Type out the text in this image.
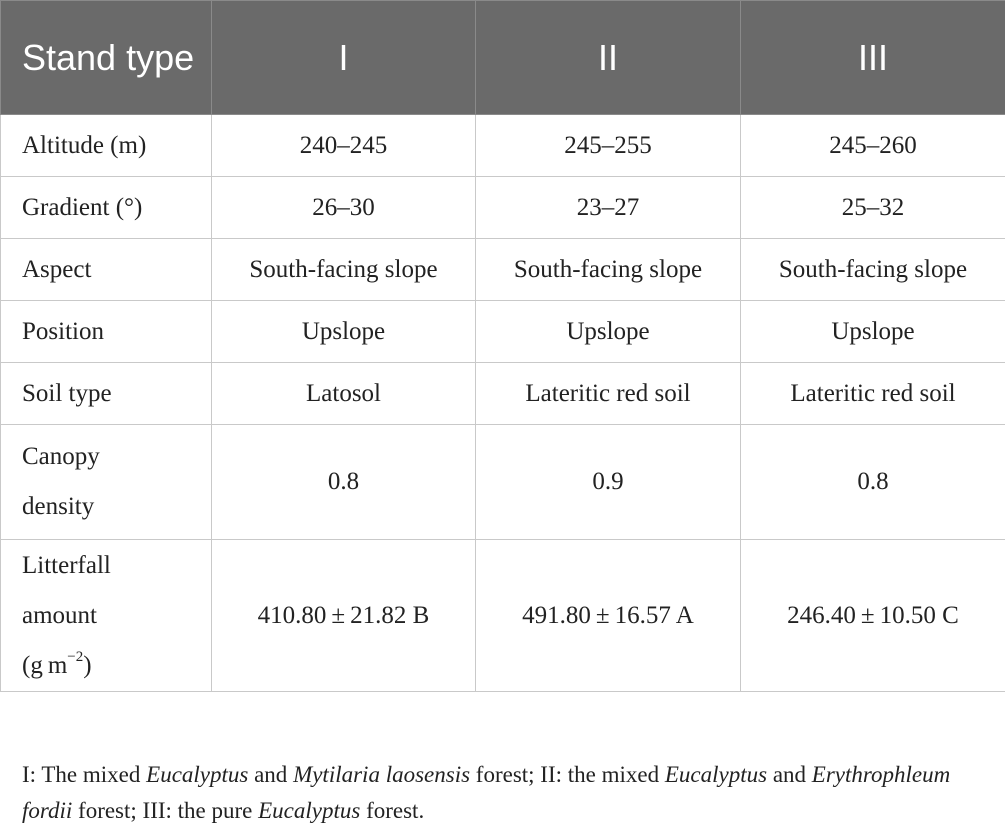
Stand type	I	II	III
Altitude (m)	240–245	245–255	245–260
Gradient (°)	26–30	23–27	25–32
Aspect	South-facing slope	South-facing slope	South-facing slope
Position	Upslope	Upslope	Upslope
Soil type	Latosol	Lateritic red soil	Lateritic red soil
Canopy
density	0.8	0.9	0.8
Litterfall
amount
(g $m^{-2}$)	410.80 ± 21.82 B	491.80 ± 16.57 A	246.40 ± 10.50 C
I: The mixed Eucalyptus and Mytilaria laosensis forest; II: the mixed Eucalyptus and Erythrophleum fordii forest; III: the pure Eucalyptus forest.
